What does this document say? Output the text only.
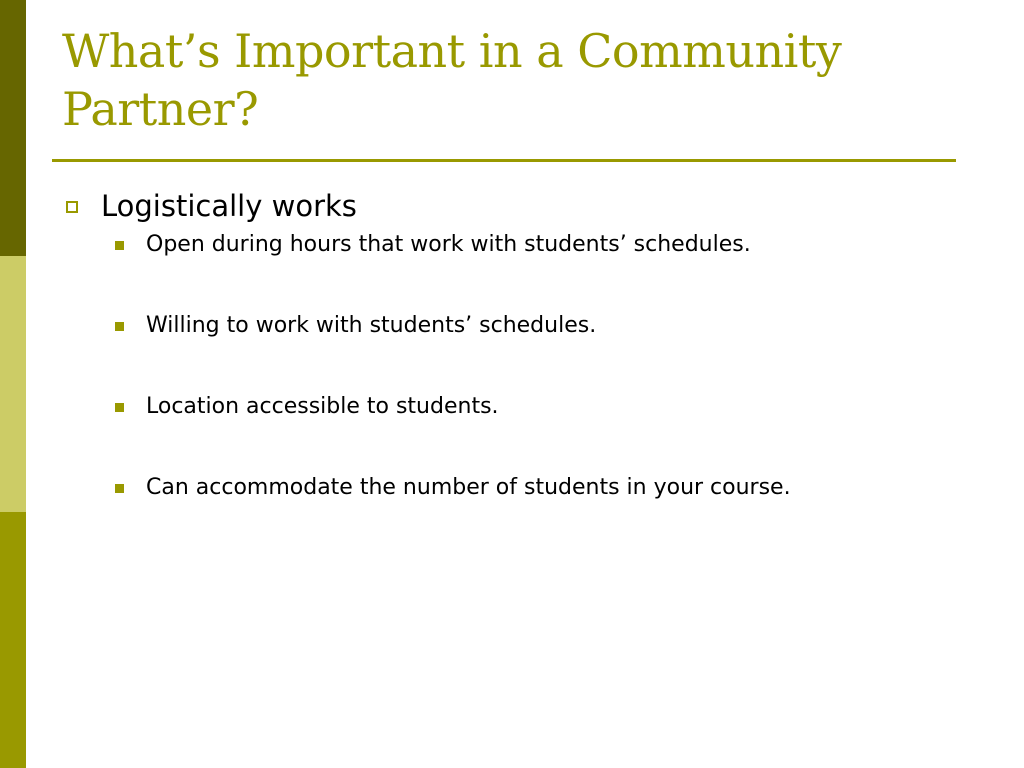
What’s Important in a Community Partner?
Logistically works
Open during hours that work with students’ schedules.
Willing to work with students’ schedules.
Location accessible to students.
Can accommodate the number of students in your course.
